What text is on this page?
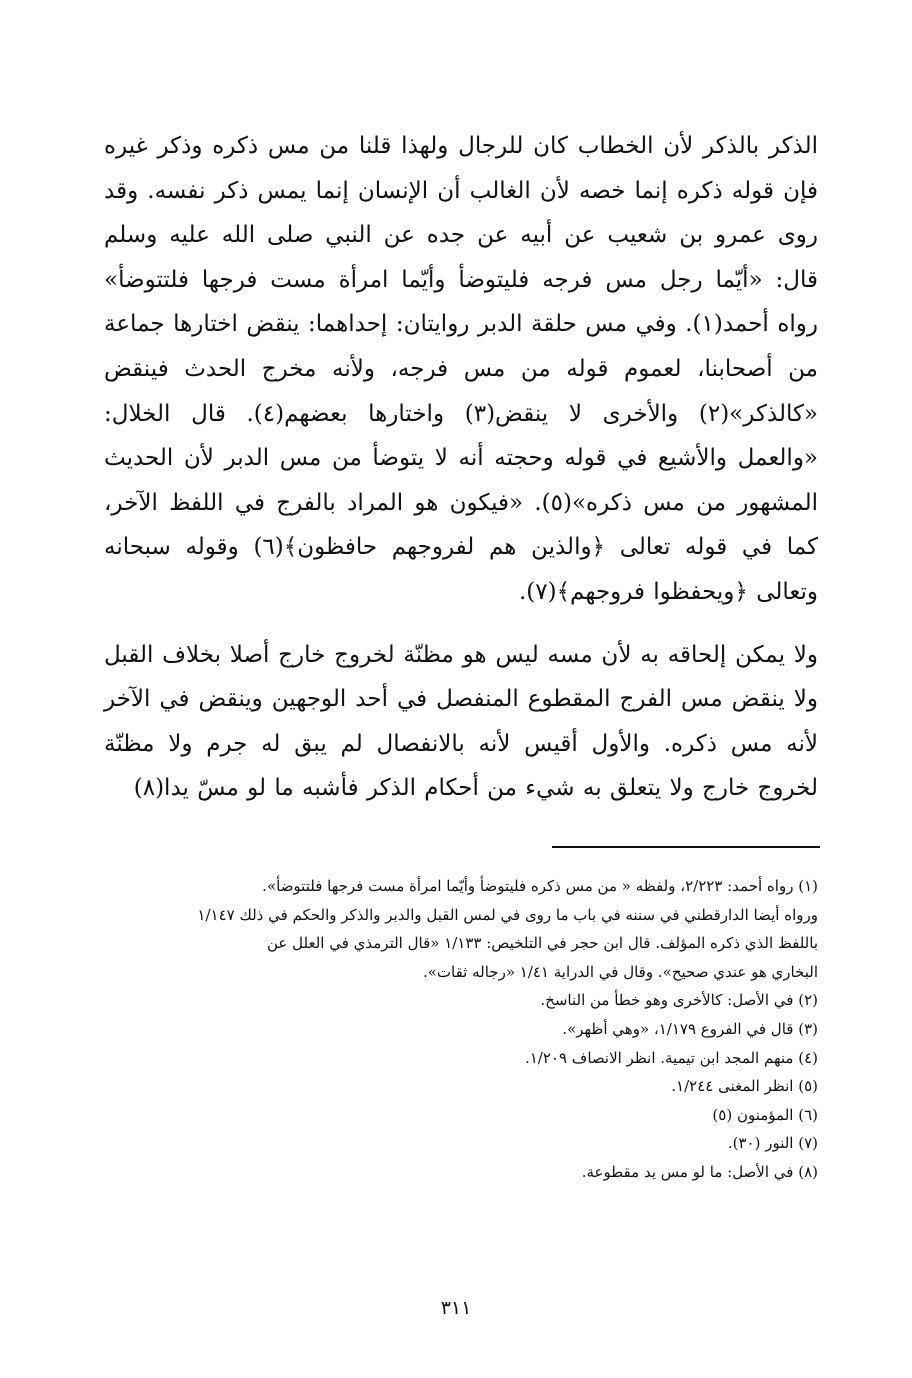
الذكر بالذكر لأن الخطاب كان للرجال ولهذا قلنا من مس ذكره وذكر غيره فإن قوله ذكره إنما خصه لأن الغالب أن الإنسان إنما يمس ذكر نفسه. وقد روى عمرو بن شعيب عن أبيه عن جده عن النبي صلى الله عليه وسلم قال: «أيّما رجل مس فرجه فليتوضأ وأيّما امرأة مست فرجها فلتتوضأ» رواه أحمد(١). وفي مس حلقة الدبر روايتان: إحداهما: ينقض اختارها جماعة من أصحابنا، لعموم قوله من مس فرجه، ولأنه مخرج الحدث فينقض «كالذكر»(٢) والأخرى لا ينقض(٣) واختارها بعضهم(٤). قال الخلال: «والعمل والأشيع في قوله وحجته أنه لا يتوضأ من مس الدبر لأن الحديث المشهور من مس ذكره»(٥). «فيكون هو المراد بالفرج في اللفظ الآخر، كما في قوله تعالى ﴿والذين هم لفروجهم حافظون﴾(٦) وقوله سبحانه وتعالى ﴿ويحفظوا فروجهم﴾(٧).

ولا يمكن إلحاقه به لأن مسه ليس هو مظنّة لخروج خارج أصلا بخلاف القبل ولا ينقض مس الفرج المقطوع المنفصل في أحد الوجهين وينقض في الآخر لأنه مس ذكره. والأول أقيس لأنه بالانفصال لم يبق له جرم ولا مظنّة لخروج خارج ولا يتعلق به شيء من أحكام الذكر فأشبه ما لو مسّ يدا(٨)

(١) رواه أحمد: ٢/٢٢٣، ولفظه « من مس ذكره فليتوضأ وأيّما امرأة مست فرجها فلتتوضأ».

ورواه أيضا الدارقطني في سننه في باب ما روى في لمس القبل والدبر والذكر والحكم في ذلك ١/١٤٧

باللفظ الذي ذكره المؤلف. قال ابن حجر في التلخيص: ١/١٣٣ «قال الترمذي في العلل عن

البخاري هو عندي صحيح». وقال في الدراية ١/٤١ «رجاله ثقات».

(٢) في الأصل: كالأخرى وهو خطأ من الناسخ.

(٣) قال في الفروع ١/١٧٩، «وهي أظهر».

(٤) منهم المجد ابن تيمية. انظر الانصاف ١/٢٠٩.

(٥) انظر المغنى ١/٢٤٤.

(٦) المؤمنون (٥)

(٧) النور (٣٠).

(٨) في الأصل: ما لو مس يد مقطوعة.

٣١١
